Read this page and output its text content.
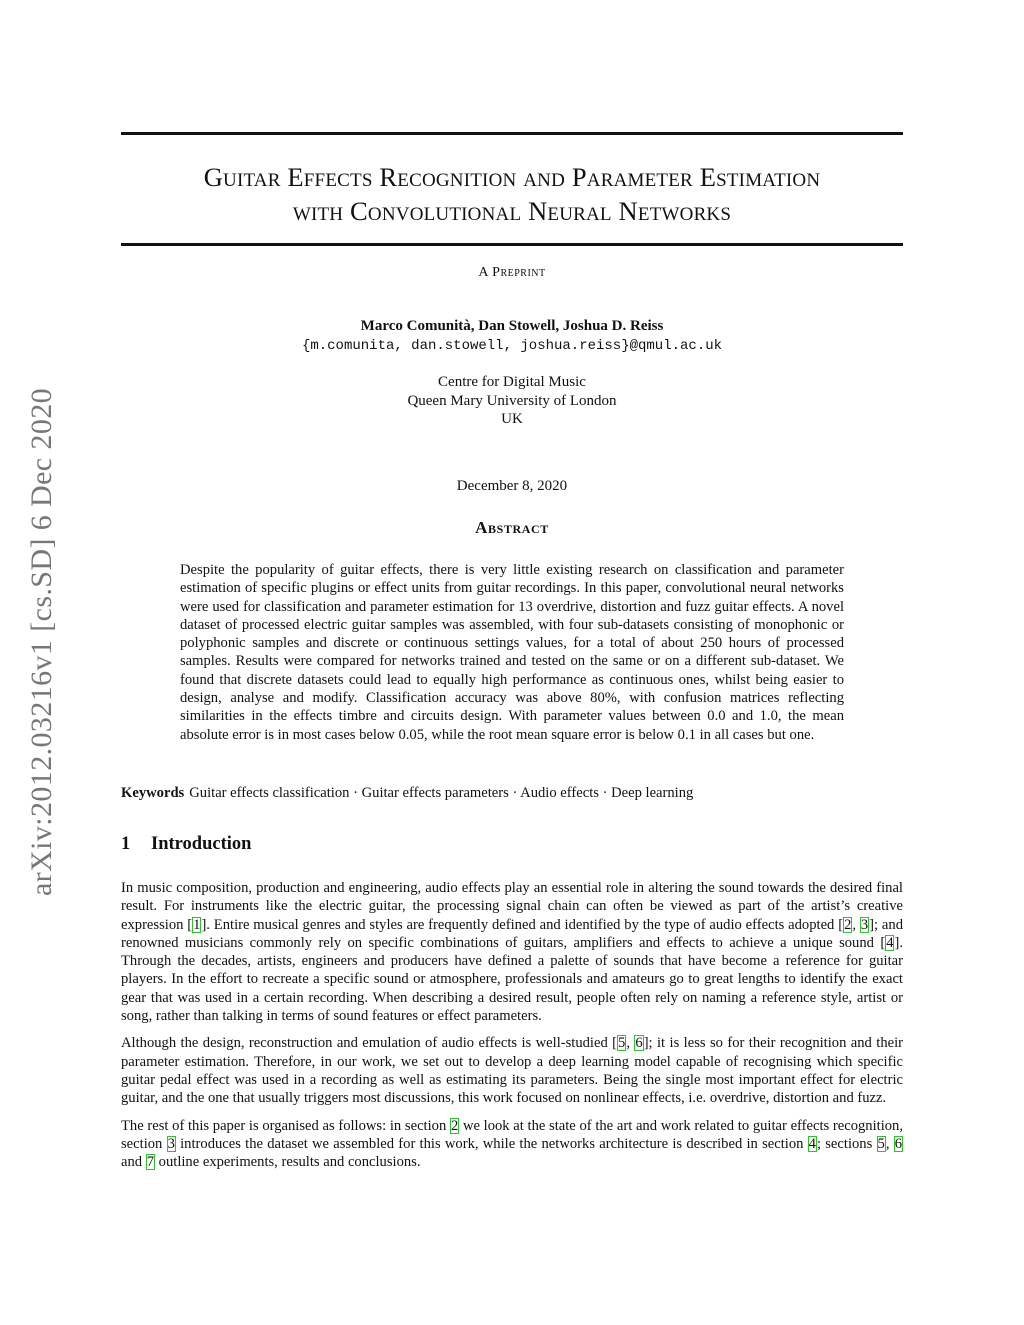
arXiv:2012.03216v1 [cs.SD] 6 Dec 2020
Guitar Effects Recognition and Parameter Estimation
with Convolutional Neural Networks
A Preprint
Marco Comunità, Dan Stowell, Joshua D. Reiss
{m.comunita, dan.stowell, joshua.reiss}@qmul.ac.uk
Centre for Digital Music
Queen Mary University of London
UK
December 8, 2020
Abstract
Despite the popularity of guitar effects, there is very little existing research on classification and parameter estimation of specific plugins or effect units from guitar recordings. In this paper, convolutional neural networks were used for classification and parameter estimation for 13 overdrive, distortion and fuzz guitar effects. A novel dataset of processed electric guitar samples was assembled, with four sub-datasets consisting of monophonic or polyphonic samples and discrete or continuous settings values, for a total of about 250 hours of processed samples. Results were compared for networks trained and tested on the same or on a different sub-dataset. We found that discrete datasets could lead to equally high performance as continuous ones, whilst being easier to design, analyse and modify. Classification accuracy was above 80%, with confusion matrices reflecting similarities in the effects timbre and circuits design. With parameter values between 0.0 and 1.0, the mean absolute error is in most cases below 0.05, while the root mean square error is below 0.1 in all cases but one.
Keywords Guitar effects classification · Guitar effects parameters · Audio effects · Deep learning
1 Introduction

In music composition, production and engineering, audio effects play an essential role in altering the sound towards the desired final result. For instruments like the electric guitar, the processing signal chain can often be viewed as part of the artist’s creative expression [1]. Entire musical genres and styles are frequently defined and identified by the type of audio effects adopted [2, 3]; and renowned musicians commonly rely on specific combinations of guitars, amplifiers and effects to achieve a unique sound [4]. Through the decades, artists, engineers and producers have defined a palette of sounds that have become a reference for guitar players. In the effort to recreate a specific sound or atmosphere, professionals and amateurs go to great lengths to identify the exact gear that was used in a certain recording. When describing a desired result, people often rely on naming a reference style, artist or song, rather than talking in terms of sound features or effect parameters.

Although the design, reconstruction and emulation of audio effects is well-studied [5, 6]; it is less so for their recognition and their parameter estimation. Therefore, in our work, we set out to develop a deep learning model capable of recognising which specific guitar pedal effect was used in a recording as well as estimating its parameters. Being the single most important effect for electric guitar, and the one that usually triggers most discussions, this work focused on nonlinear effects, i.e. overdrive, distortion and fuzz.

The rest of this paper is organised as follows: in section 2 we look at the state of the art and work related to guitar effects recognition, section 3 introduces the dataset we assembled for this work, while the networks architecture is described in section 4; sections 5, 6 and 7 outline experiments, results and conclusions.
